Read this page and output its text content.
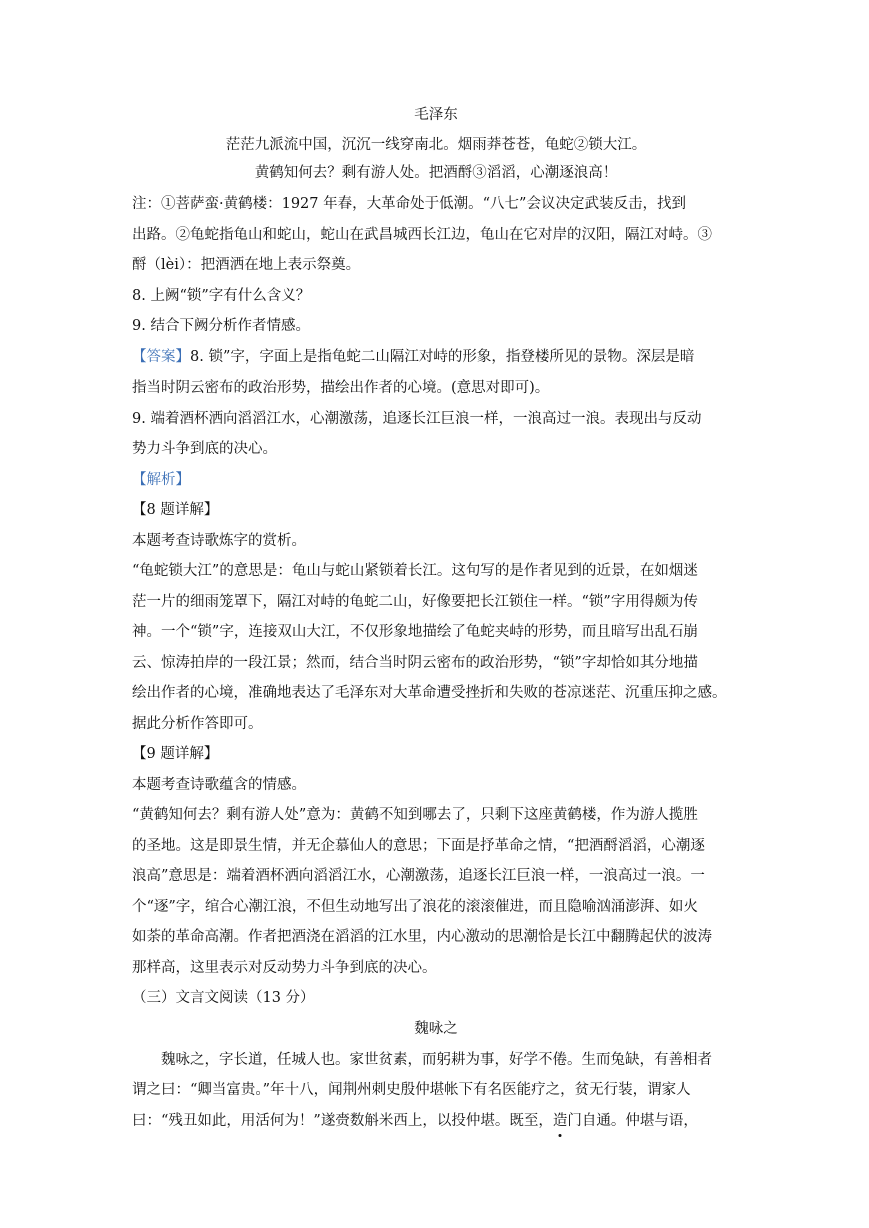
毛泽东
茫茫九派流中国，沉沉一线穿南北。烟雨莽苍苍，龟蛇②锁大江。
黄鹤知何去？剩有游人处。把酒酹③滔滔，心潮逐浪高！
注：①菩萨蛮·黄鹤楼：1927 年春，大革命处于低潮。“八七”会议决定武装反击，找到
出路。②龟蛇指龟山和蛇山，蛇山在武昌城西长江边，龟山在它对岸的汉阳，隔江对峙。③
酹（lèi）：把酒洒在地上表示祭奠。
8. 上阙“锁”字有什么含义？
9. 结合下阙分析作者情感。
【答案】8. 锁”字，字面上是指龟蛇二山隔江对峙的形象，指登楼所见的景物。深层是暗
指当时阴云密布的政治形势，描绘出作者的心境。(意思对即可)。
9. 端着酒杯洒向滔滔江水，心潮激荡，追逐长江巨浪一样，一浪高过一浪。表现出与反动
势力斗争到底的决心。
【解析】
【8 题详解】
本题考查诗歌炼字的赏析。
“龟蛇锁大江”的意思是：龟山与蛇山紧锁着长江。这句写的是作者见到的近景，在如烟迷
茫一片的细雨笼罩下，隔江对峙的龟蛇二山，好像要把长江锁住一样。“锁”字用得颇为传
神。一个“锁”字，连接双山大江，不仅形象地描绘了龟蛇夹峙的形势，而且暗写出乱石崩
云、惊涛拍岸的一段江景；然而，结合当时阴云密布的政治形势，“锁”字却恰如其分地描
绘出作者的心境，准确地表达了毛泽东对大革命遭受挫折和失败的苍凉迷茫、沉重压抑之感。
据此分析作答即可。
【9 题详解】
本题考查诗歌蕴含的情感。
“黄鹤知何去？剩有游人处”意为：黄鹤不知到哪去了，只剩下这座黄鹤楼，作为游人揽胜
的圣地。这是即景生情，并无企慕仙人的意思；下面是抒革命之情，“把酒酹滔滔，心潮逐
浪高”意思是：端着酒杯洒向滔滔江水，心潮激荡，追逐长江巨浪一样，一浪高过一浪。一
个“逐”字，绾合心潮江浪，不但生动地写出了浪花的滚滚催进，而且隐喻汹涌澎湃、如火
如荼的革命高潮。作者把酒浇在滔滔的江水里，内心激动的思潮恰是长江中翻腾起伏的波涛
那样高，这里表示对反动势力斗争到底的决心。
（三）文言文阅读（13 分）
魏咏之
魏咏之，字长道，任城人也。家世贫素，而躬耕为事，好学不倦。生而兔缺，有善相者
谓之曰：“卿当富贵。”年十八，闻荆州刺史殷仲堪帐下有名医能疗之，贫无行装，谓家人
曰：“残丑如此，用活何为！”遂赍数斛米西上，以投仲堪。既至，造门自通。仲堪与语，
